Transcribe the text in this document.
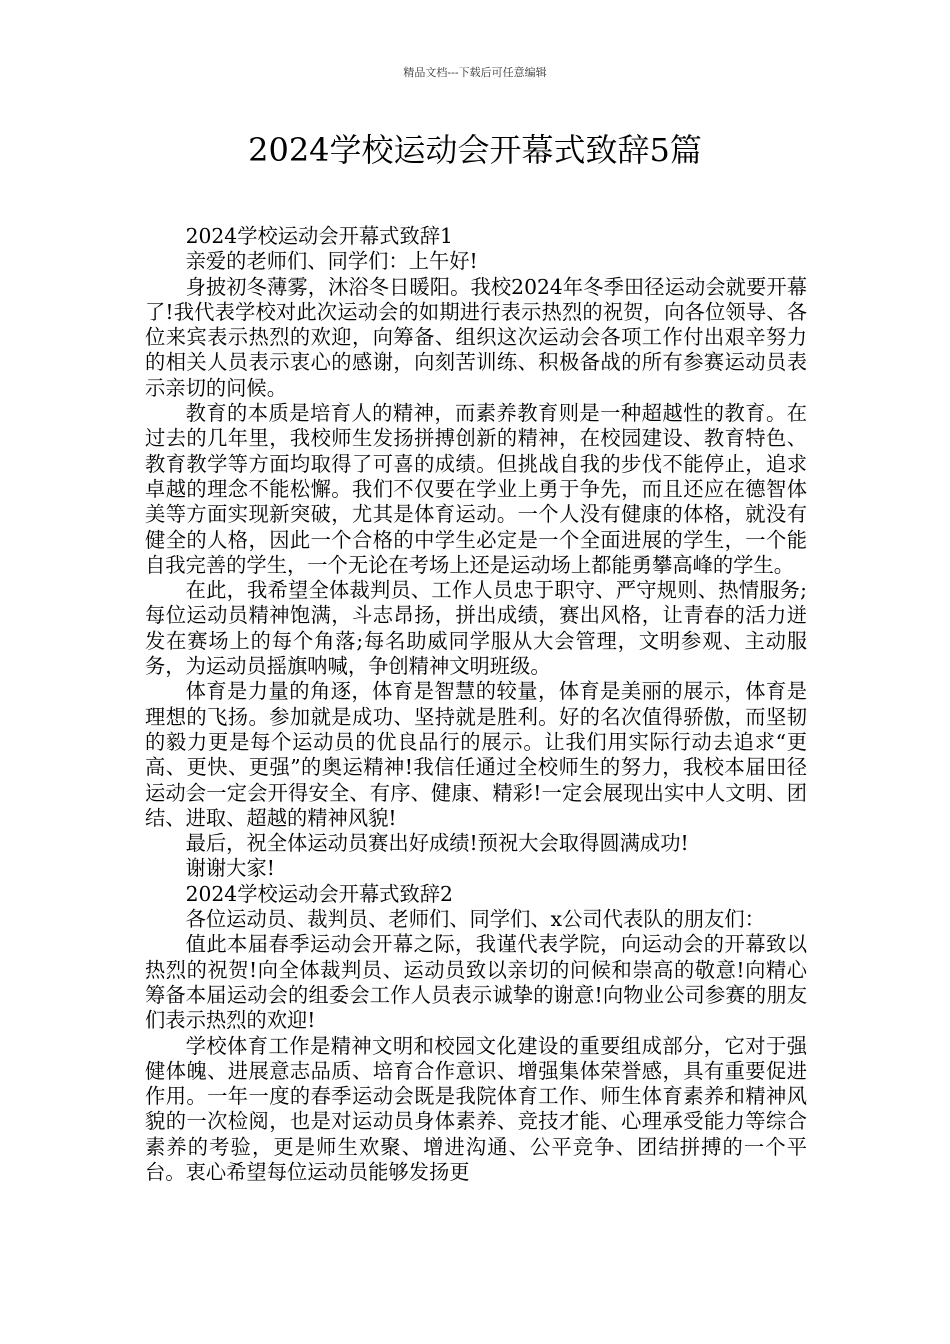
精品文档---下载后可任意编辑
2024学校运动会开幕式致辞5篇

2024学校运动会开幕式致辞1

亲爱的老师们、同学们：上午好!

身披初冬薄雾，沐浴冬日暖阳。我校2024年冬季田径运动会就要开幕了!我代表学校对此次运动会的如期进行表示热烈的祝贺，向各位领导、各位来宾表示热烈的欢迎，向筹备、组织这次运动会各项工作付出艰辛努力的相关人员表示衷心的感谢，向刻苦训练、积极备战的所有参赛运动员表示亲切的问候。

教育的本质是培育人的精神，而素养教育则是一种超越性的教育。在过去的几年里，我校师生发扬拼搏创新的精神，在校园建设、教育特色、教育教学等方面均取得了可喜的成绩。但挑战自我的步伐不能停止，追求卓越的理念不能松懈。我们不仅要在学业上勇于争先，而且还应在德智体美等方面实现新突破，尤其是体育运动。一个人没有健康的体格，就没有健全的人格，因此一个合格的中学生必定是一个全面进展的学生，一个能自我完善的学生，一个无论在考场上还是运动场上都能勇攀高峰的学生。

在此，我希望全体裁判员、工作人员忠于职守、严守规则、热情服务;每位运动员精神饱满，斗志昂扬，拼出成绩，赛出风格，让青春的活力迸发在赛场上的每个角落;每名助威同学服从大会管理，文明参观、主动服务，为运动员摇旗呐喊，争创精神文明班级。

体育是力量的角逐，体育是智慧的较量，体育是美丽的展示，体育是理想的飞扬。参加就是成功、坚持就是胜利。好的名次值得骄傲，而坚韧的毅力更是每个运动员的优良品行的展示。让我们用实际行动去追求“更高、更快、更强”的奥运精神!我信任通过全校师生的努力，我校本届田径运动会一定会开得安全、有序、健康、精彩!一定会展现出实中人文明、团结、进取、超越的精神风貌!

最后，祝全体运动员赛出好成绩!预祝大会取得圆满成功!

谢谢大家!

2024学校运动会开幕式致辞2

各位运动员、裁判员、老师们、同学们、x公司代表队的朋友们：

值此本届春季运动会开幕之际，我谨代表学院，向运动会的开幕致以热烈的祝贺!向全体裁判员、运动员致以亲切的问候和崇高的敬意!向精心筹备本届运动会的组委会工作人员表示诚挚的谢意!向物业公司参赛的朋友们表示热烈的欢迎!

学校体育工作是精神文明和校园文化建设的重要组成部分，它对于强健体魄、进展意志品质、培育合作意识、增强集体荣誉感，具有重要促进作用。一年一度的春季运动会既是我院体育工作、师生体育素养和精神风貌的一次检阅，也是对运动员身体素养、竞技才能、心理承受能力等综合素养的考验，更是师生欢聚、增进沟通、公平竞争、团结拼搏的一个平台。衷心希望每位运动员能够发扬更
